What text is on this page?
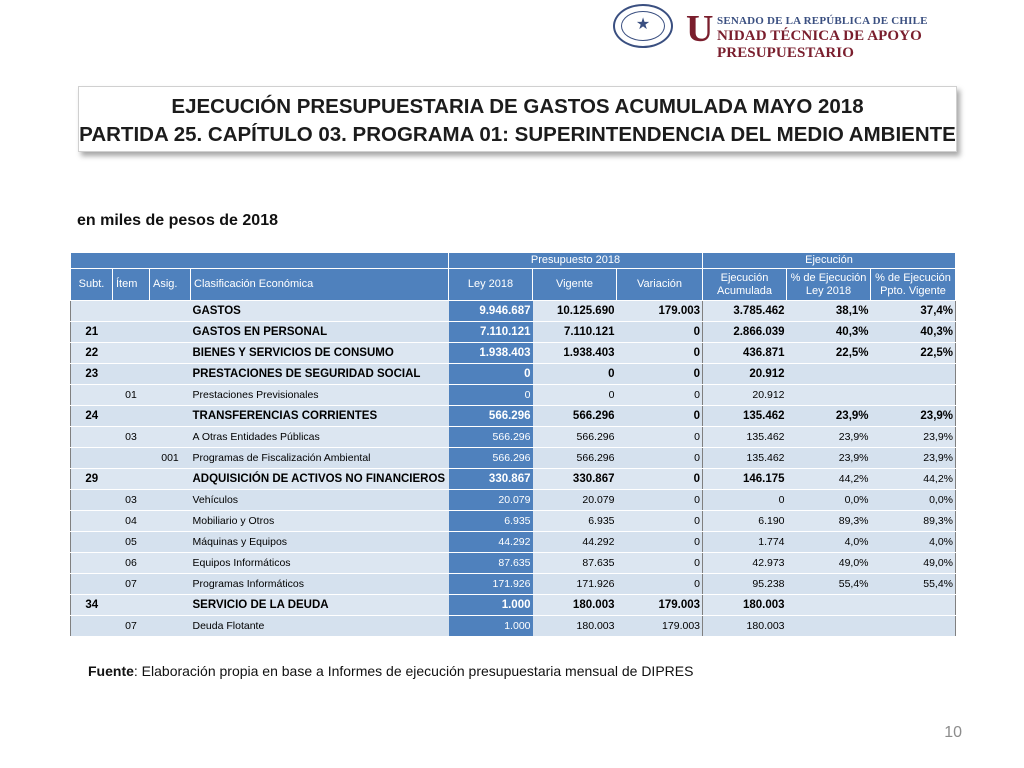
★ U SENADO DE LA REPÚBLICA DE CHILE
NIDAD TÉCNICA DE APOYO PRESUPUESTARIO
EJECUCIÓN PRESUPUESTARIA DE GASTOS ACUMULADA MAYO 2018
PARTIDA 25. CAPÍTULO 03. PROGRAMA 01: SUPERINTENDENCIA DEL MEDIO AMBIENTE
en miles de pesos de 2018
				Presupuesto 2018			Ejecución		
Subt.	Ítem	Asig.	Clasificación Económica	Ley 2018	Vigente	Variación	Ejecución Acumulada	% de Ejecución Ley 2018	% de Ejecución Ppto. Vigente
			GASTOS	9.946.687	10.125.690	179.003	3.785.462	38,1%	37,4%
21			GASTOS EN PERSONAL	7.110.121	7.110.121	0	2.866.039	40,3%	40,3%
22			BIENES Y SERVICIOS DE CONSUMO	1.938.403	1.938.403	0	436.871	22,5%	22,5%
23			PRESTACIONES DE SEGURIDAD SOCIAL	0	0	0	20.912		
	01		Prestaciones Previsionales	0	0	0	20.912		
24			TRANSFERENCIAS CORRIENTES	566.296	566.296	0	135.462	23,9%	23,9%
	03		A Otras Entidades Públicas	566.296	566.296	0	135.462	23,9%	23,9%
		001	Programas de Fiscalización Ambiental	566.296	566.296	0	135.462	23,9%	23,9%
29			ADQUISICIÓN DE ACTIVOS NO FINANCIEROS	330.867	330.867	0	146.175	44,2%	44,2%
	03		Vehículos	20.079	20.079	0	0	0,0%	0,0%
	04		Mobiliario y Otros	6.935	6.935	0	6.190	89,3%	89,3%
	05		Máquinas y Equipos	44.292	44.292	0	1.774	4,0%	4,0%
	06		Equipos Informáticos	87.635	87.635	0	42.973	49,0%	49,0%
	07		Programas Informáticos	171.926	171.926	0	95.238	55,4%	55,4%
34			SERVICIO DE LA DEUDA	1.000	180.003	179.003	180.003		
	07		Deuda Flotante	1.000	180.003	179.003	180.003		
Fuente: Elaboración propia en base a Informes de ejecución presupuestaria mensual de DIPRES
10
